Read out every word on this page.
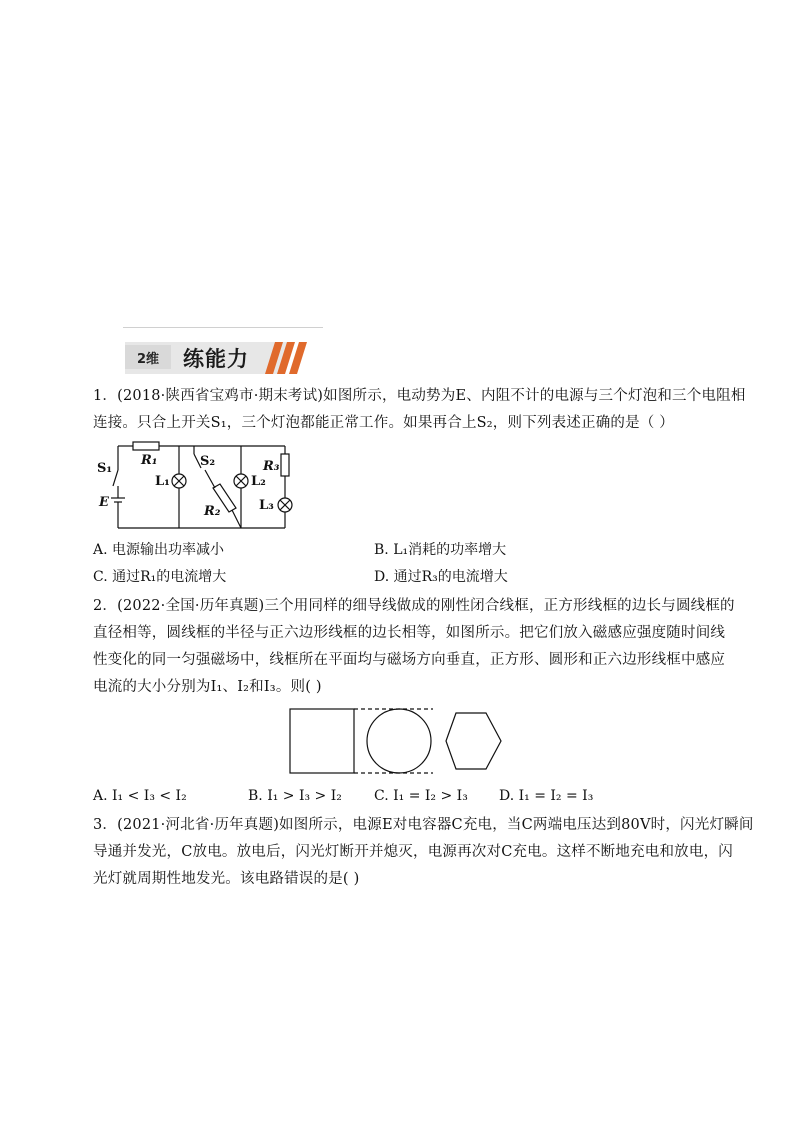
2维	练能力
1．(2018·陕西省宝鸡市·期末考试)如图所示，电动势为E、内阻不计的电源与三个灯泡和三个电阻相
连接。只合上开关S₁，三个灯泡都能正常工作。如果再合上S₂，则下列表述正确的是（ ）
R₁	S₂	R₃
S₁
L₁	L₂
E	L₃
R₂
A. 电源输出功率减小	B. L₁消耗的功率增大
C. 通过R₁的电流增大	D. 通过R₃的电流增大
2．(2022·全国·历年真题)三个用同样的细导线做成的刚性闭合线框，正方形线框的边长与圆线框的
直径相等，圆线框的半径与正六边形线框的边长相等，如图所示。把它们放入磁感应强度随时间线
性变化的同一匀强磁场中，线框所在平面均与磁场方向垂直，正方形、圆形和正六边形线框中感应
电流的大小分别为I₁、I₂和I₃。则( )
A. I₁ < I₃ < I₂	B. I₁ > I₃ > I₂ C. I₁ = I₂ > I₃ D. I₁ = I₂ = I₃
3．(2021·河北省·历年真题)如图所示，电源E对电容器C充电，当C两端电压达到80V时，闪光灯瞬间
导通并发光，C放电。放电后，闪光灯断开并熄灭，电源再次对C充电。这样不断地充电和放电，闪
光灯就周期性地发光。该电路错误的是( )
